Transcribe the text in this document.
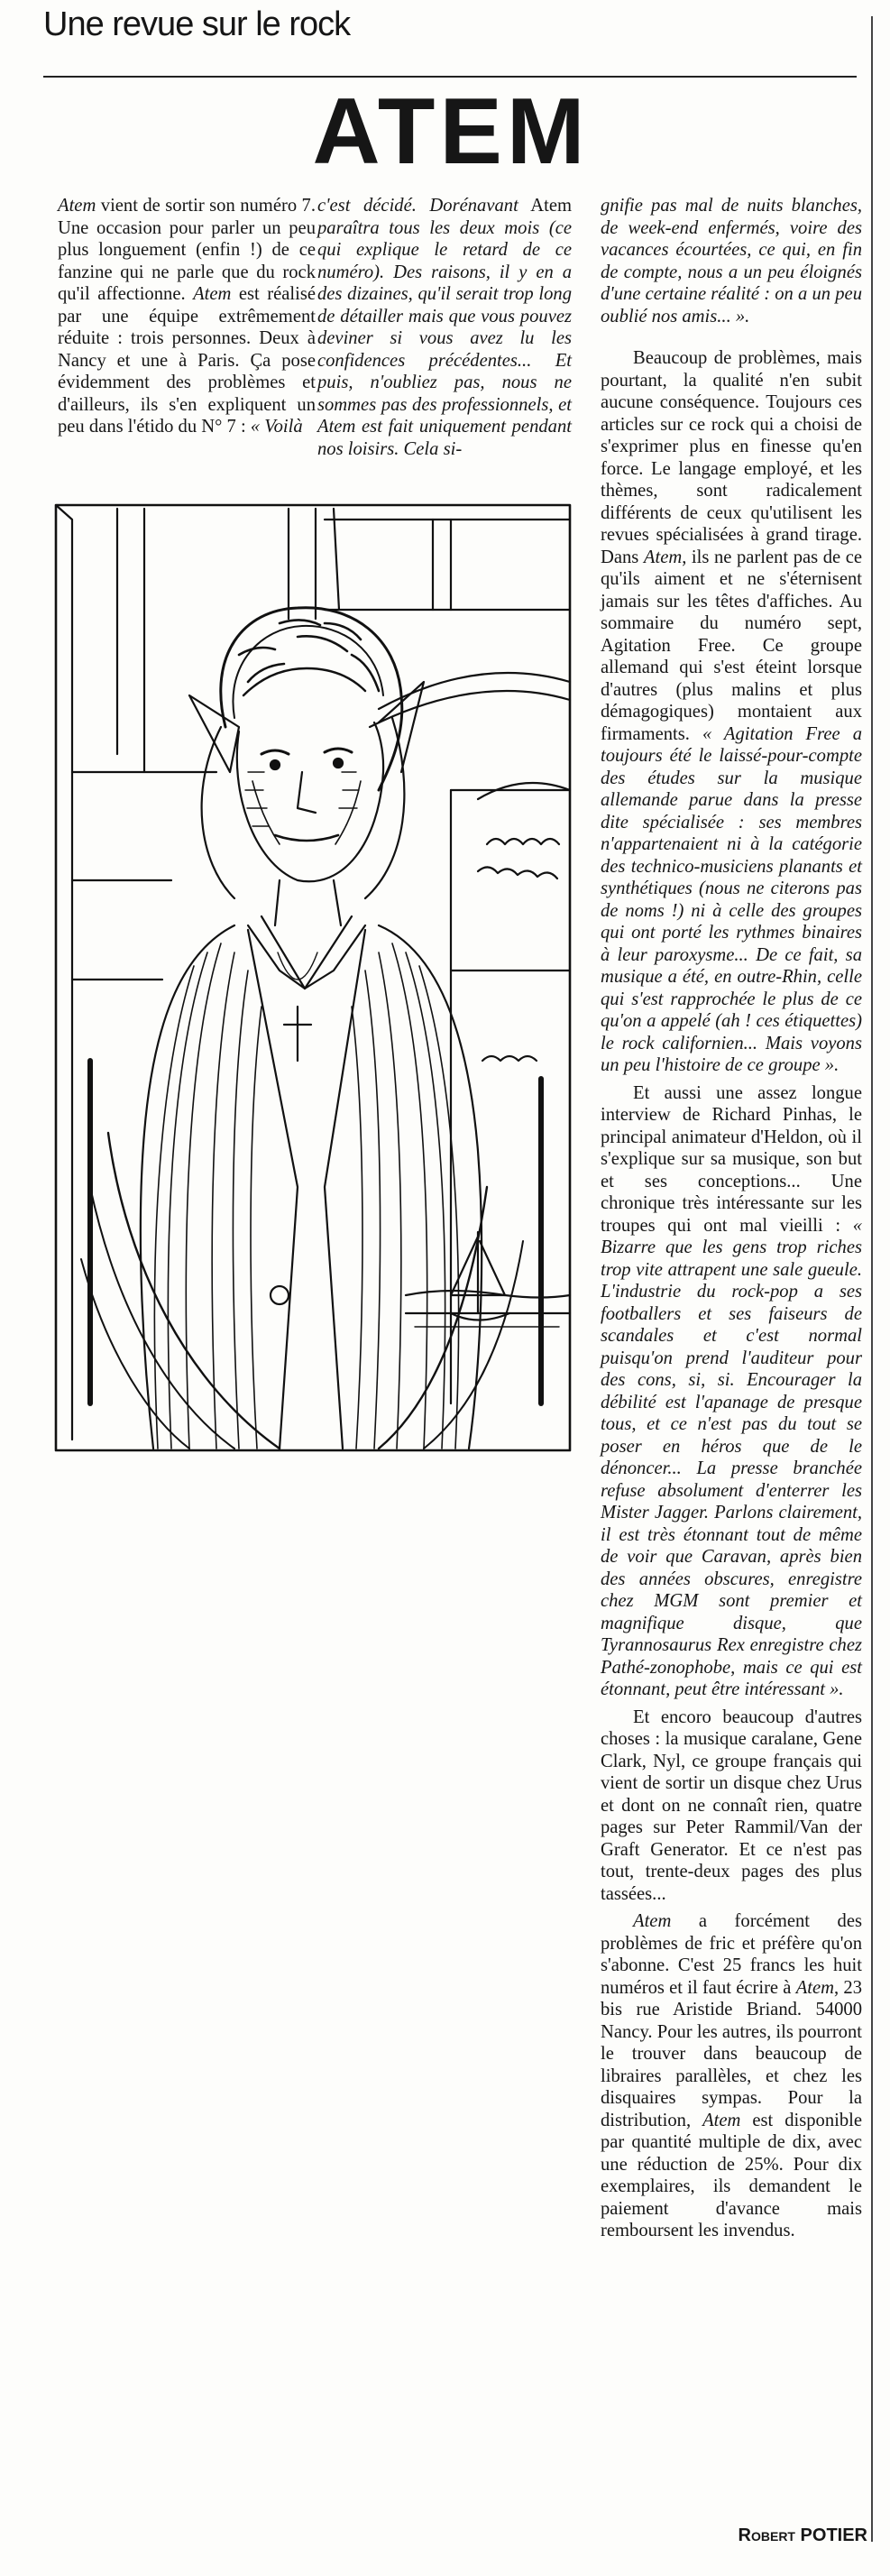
Une revue sur le rock
ATEM

Atem vient de sortir son numéro 7. Une occasion pour parler un peu plus longuement (enfin !) de ce fanzine qui ne parle que du rock qu'il affectionne. Atem est réalisé par une équipe extrêmement réduite : trois personnes. Deux à Nancy et une à Paris. Ça pose évidemment des problèmes et d'ailleurs, ils s'en expliquent un peu dans l'étido du N° 7 : « Voilà

c'est décidé. Dorénavant Atem paraîtra tous les deux mois (ce qui explique le retard de ce numéro). Des raisons, il y en a des dizaines, qu'il serait trop long de détailler mais que vous pouvez deviner si vous avez lu les confidences précédentes... Et puis, n'oubliez pas, nous ne sommes pas des professionnels, et Atem est fait uniquement pendant nos loisirs. Cela si-

gnifie pas mal de nuits blanches, de week-end enfermés, voire des vacances écourtées, ce qui, en fin de compte, nous a un peu éloignés d'une certaine réalité : on a un peu oublié nos amis... ».

Beaucoup de problèmes, mais pourtant, la qualité n'en subit aucune conséquence. Toujours ces articles sur ce rock qui a choisi de s'exprimer plus en finesse qu'en force. Le langage employé, et les thèmes, sont radicalement différents de ceux qu'utilisent les revues spécialisées à grand tirage. Dans Atem, ils ne parlent pas de ce qu'ils aiment et ne s'éternisent jamais sur les têtes d'affiches. Au sommaire du numéro sept, Agitation Free. Ce groupe allemand qui s'est éteint lorsque d'autres (plus malins et plus démagogiques) montaient aux firmaments. « Agitation Free a toujours été le laissé-pour-compte des études sur la musique allemande parue dans la presse dite spécialisée : ses membres n'appartenaient ni à la catégorie des technico-musiciens planants et synthétiques (nous ne citerons pas de noms !) ni à celle des groupes qui ont porté les rythmes binaires à leur paroxysme... De ce fait, sa musique a été, en outre-Rhin, celle qui s'est rapprochée le plus de ce qu'on a appelé (ah ! ces étiquettes) le rock californien... Mais voyons un peu l'histoire de ce groupe ».

Et aussi une assez longue interview de Richard Pinhas, le principal animateur d'Heldon, où il s'explique sur sa musique, son but et ses conceptions... Une chronique très intéressante sur les troupes qui ont mal vieilli : « Bizarre que les gens trop riches trop vite attrapent une sale gueule. L'industrie du rock-pop a ses footballers et ses faiseurs de scandales et c'est normal puisqu'on prend l'auditeur pour des cons, si, si. Encourager la débilité est l'apanage de presque tous, et ce n'est pas du tout se poser en héros que de le dénoncer... La presse branchée refuse absolument d'enterrer les Mister Jagger. Parlons clairement, il est très étonnant tout de même de voir que Caravan, après bien des années obscures, enregistre chez MGM sont premier et magnifique disque, que Tyrannosaurus Rex enregistre chez Pathé-zonophobe, mais ce qui est étonnant, peut être intéressant ».

Et encoro beaucoup d'autres choses : la musique caralane, Gene Clark, Nyl, ce groupe français qui vient de sortir un disque chez Urus et dont on ne connaît rien, quatre pages sur Peter Rammil/Van der Graft Generator. Et ce n'est pas tout, trente-deux pages des plus tassées...

Atem a forcément des problèmes de fric et préfère qu'on s'abonne. C'est 25 francs les huit numéros et il faut écrire à Atem, 23 bis rue Aristide Briand. 54000 Nancy. Pour les autres, ils pourront le trouver dans beaucoup de libraires parallèles, et chez les disquaires sympas. Pour la distribution, Atem est disponible par quantité multiple de dix, avec une réduction de 25%. Pour dix exemplaires, ils demandent le paiement d'avance mais remboursent les invendus.

Robert POTIER
